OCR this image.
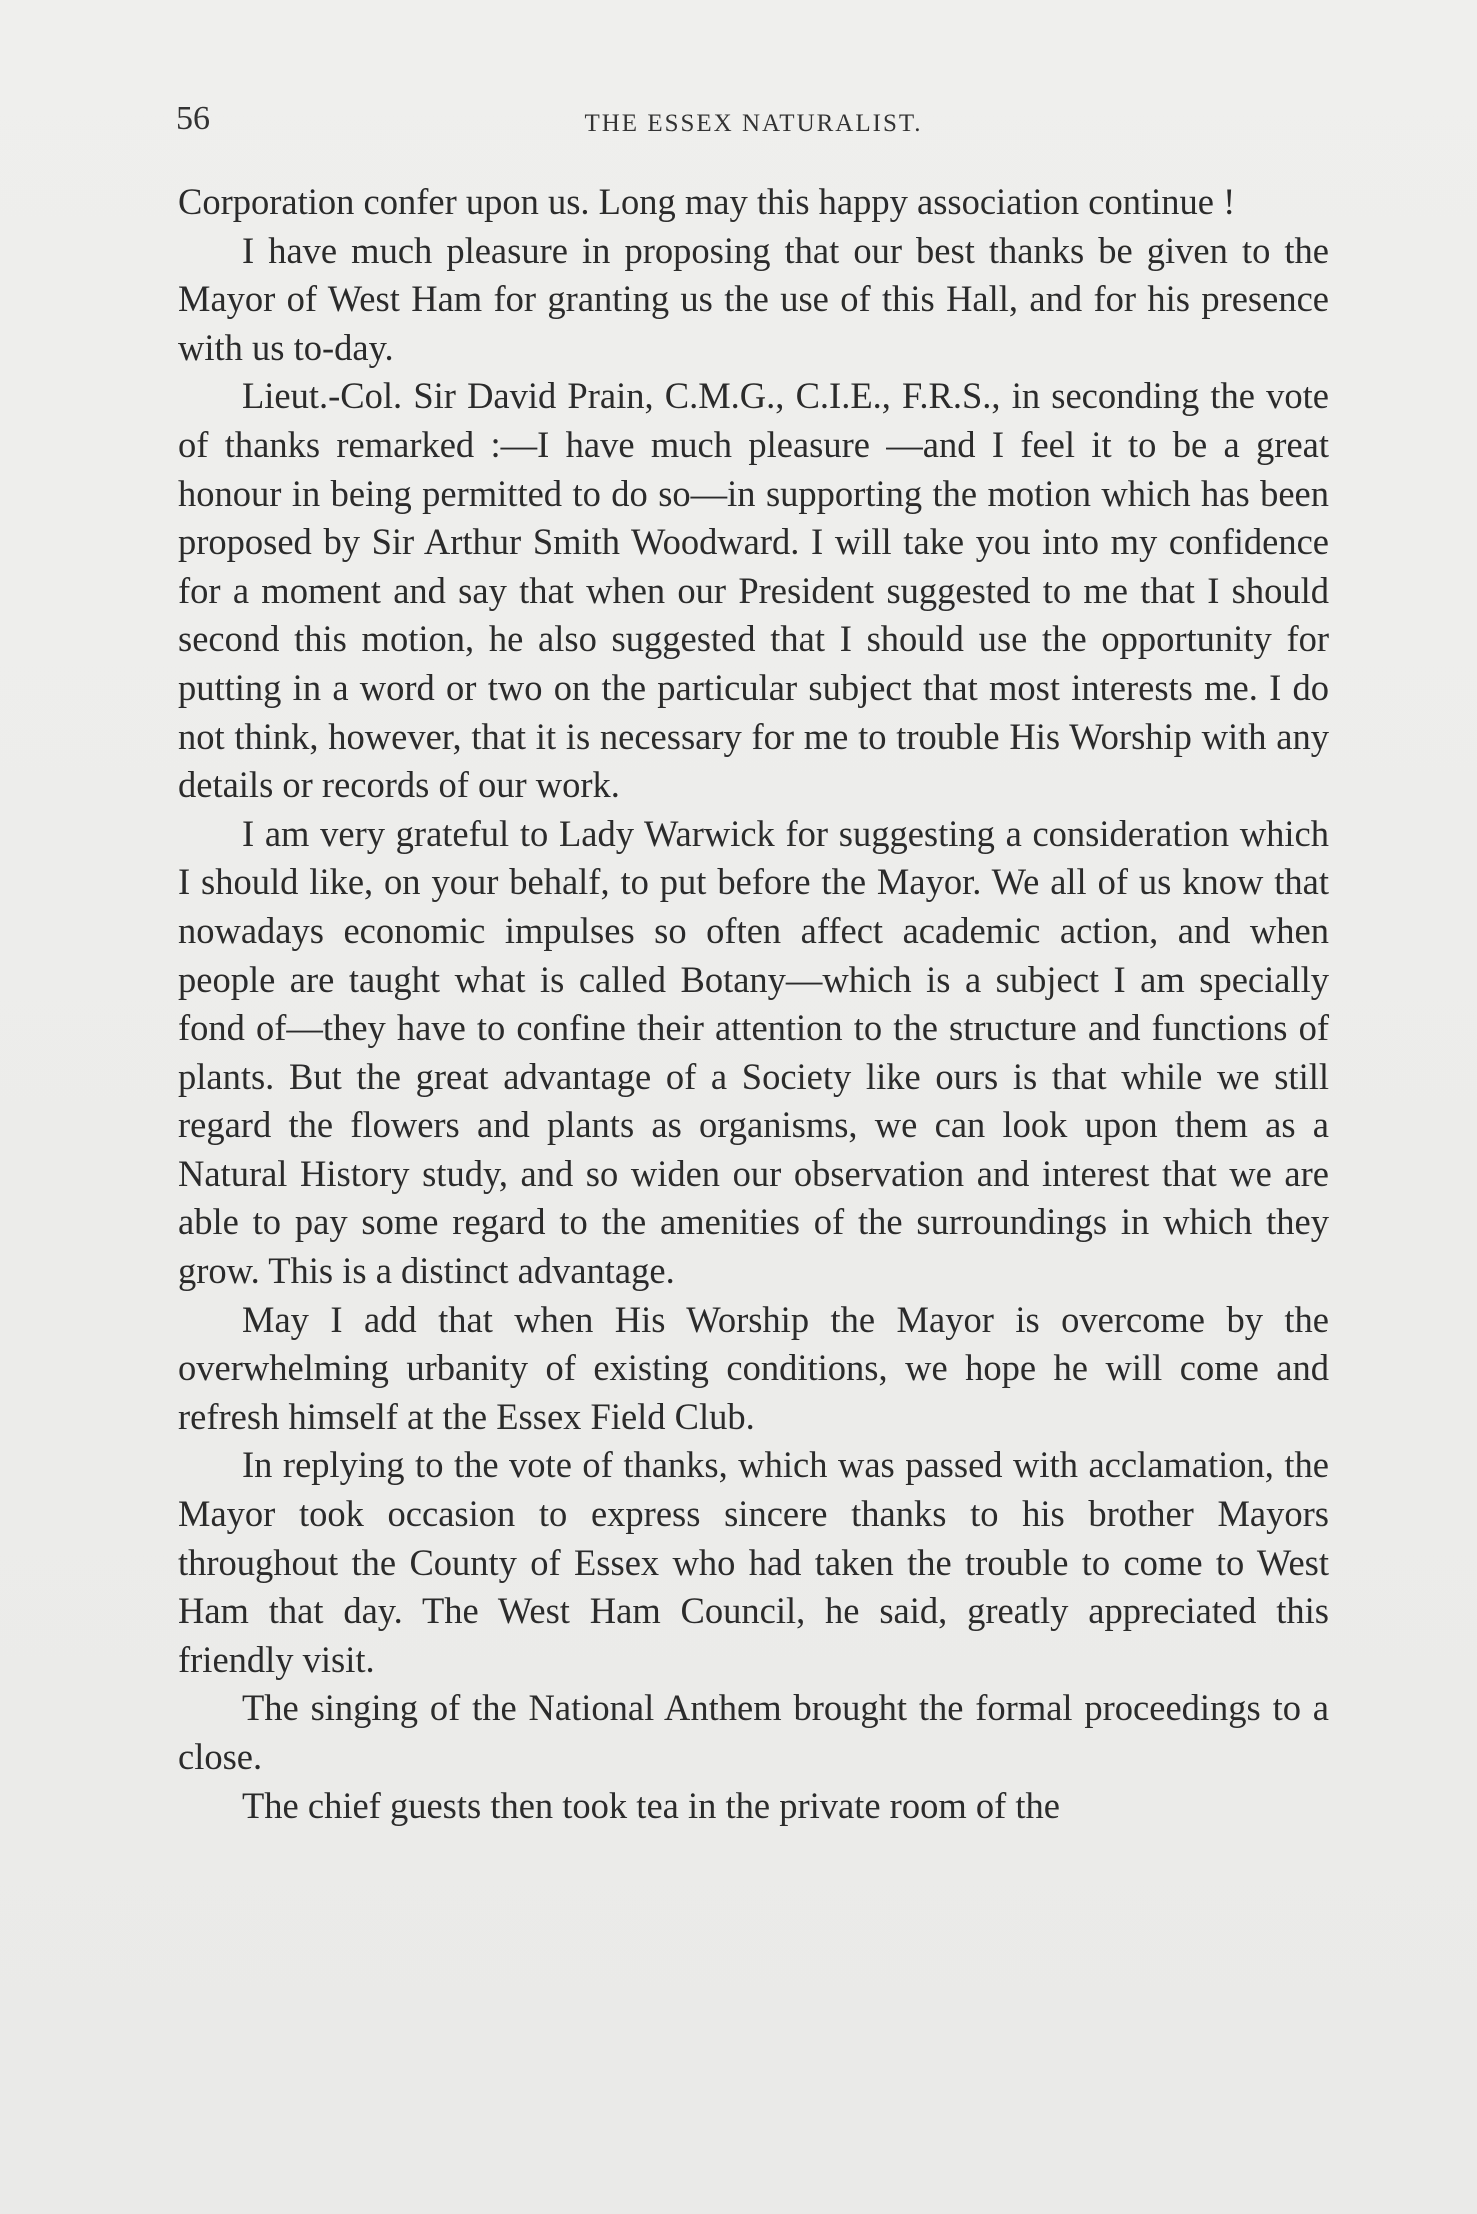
56	THE ESSEX NATURALIST.

Corporation confer upon us. Long may this happy association continue !

I have much pleasure in proposing that our best thanks be given to the Mayor of West Ham for granting us the use of this Hall, and for his presence with us to-day.

Lieut.-Col. Sir David Prain, C.M.G., C.I.E., F.R.S., in seconding the vote of thanks remarked :—I have much pleasure —and I feel it to be a great honour in being permitted to do so—in supporting the motion which has been proposed by Sir Arthur Smith Woodward. I will take you into my confidence for a moment and say that when our President suggested to me that I should second this motion, he also suggested that I should use the opportunity for putting in a word or two on the particular subject that most interests me. I do not think, however, that it is necessary for me to trouble His Worship with any details or records of our work.

I am very grateful to Lady Warwick for suggesting a consideration which I should like, on your behalf, to put before the Mayor. We all of us know that nowadays economic impulses so often affect academic action, and when people are taught what is called Botany—which is a subject I am specially fond of—they have to confine their attention to the structure and functions of plants. But the great advantage of a Society like ours is that while we still regard the flowers and plants as organisms, we can look upon them as a Natural History study, and so widen our observation and interest that we are able to pay some regard to the amenities of the surroundings in which they grow. This is a distinct advantage.

May I add that when His Worship the Mayor is overcome by the overwhelming urbanity of existing conditions, we hope he will come and refresh himself at the Essex Field Club.

In replying to the vote of thanks, which was passed with acclamation, the Mayor took occasion to express sincere thanks to his brother Mayors throughout the County of Essex who had taken the trouble to come to West Ham that day. The West Ham Council, he said, greatly appreciated this friendly visit.

The singing of the National Anthem brought the formal proceedings to a close.

The chief guests then took tea in the private room of the
